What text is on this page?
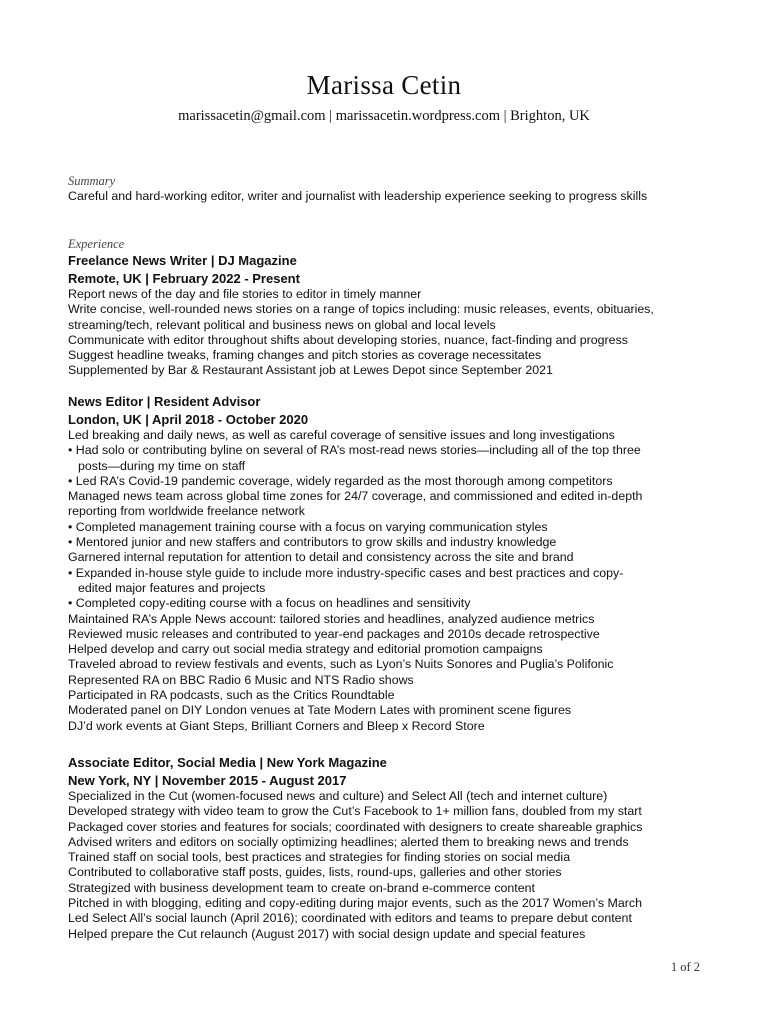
Marissa Cetin
marissacetin@gmail.com | marissacetin.wordpress.com | Brighton, UK
Summary
Careful and hard-working editor, writer and journalist with leadership experience seeking to progress skills
Experience
Freelance News Writer | DJ Magazine
Remote, UK | February 2022 - Present
Report news of the day and file stories to editor in timely manner
Write concise, well-rounded news stories on a range of topics including: music releases, events, obituaries,
streaming/tech, relevant political and business news on global and local levels
Communicate with editor throughout shifts about developing stories, nuance, fact-finding and progress
Suggest headline tweaks, framing changes and pitch stories as coverage necessitates
Supplemented by Bar & Restaurant Assistant job at Lewes Depot since September 2021
News Editor | Resident Advisor
London, UK | April 2018 - October 2020
Led breaking and daily news, as well as careful coverage of sensitive issues and long investigations
• Had solo or contributing byline on several of RA’s most-read news stories—including all of the top three
posts—during my time on staff
• Led RA’s Covid-19 pandemic coverage, widely regarded as the most thorough among competitors
Managed news team across global time zones for 24/7 coverage, and commissioned and edited in-depth
reporting from worldwide freelance network
• Completed management training course with a focus on varying communication styles
• Mentored junior and new staffers and contributors to grow skills and industry knowledge
Garnered internal reputation for attention to detail and consistency across the site and brand
• Expanded in-house style guide to include more industry-specific cases and best practices and copy-
edited major features and projects
• Completed copy-editing course with a focus on headlines and sensitivity
Maintained RA’s Apple News account: tailored stories and headlines, analyzed audience metrics
Reviewed music releases and contributed to year-end packages and 2010s decade retrospective
Helped develop and carry out social media strategy and editorial promotion campaigns
Traveled abroad to review festivals and events, such as Lyon’s Nuits Sonores and Puglia’s Polifonic
Represented RA on BBC Radio 6 Music and NTS Radio shows
Participated in RA podcasts, such as the Critics Roundtable
Moderated panel on DIY London venues at Tate Modern Lates with prominent scene figures
DJ’d work events at Giant Steps, Brilliant Corners and Bleep x Record Store
Associate Editor, Social Media | New York Magazine
New York, NY | November 2015 - August 2017
Specialized in the Cut (women-focused news and culture) and Select All (tech and internet culture)
Developed strategy with video team to grow the Cut’s Facebook to 1+ million fans, doubled from my start
Packaged cover stories and features for socials; coordinated with designers to create shareable graphics
Advised writers and editors on socially optimizing headlines; alerted them to breaking news and trends
Trained staff on social tools, best practices and strategies for finding stories on social media
Contributed to collaborative staff posts, guides, lists, round-ups, galleries and other stories
Strategized with business development team to create on-brand e-commerce content
Pitched in with blogging, editing and copy-editing during major events, such as the 2017 Women’s March
Led Select All’s social launch (April 2016); coordinated with editors and teams to prepare debut content
Helped prepare the Cut relaunch (August 2017) with social design update and special features
1 of 2
